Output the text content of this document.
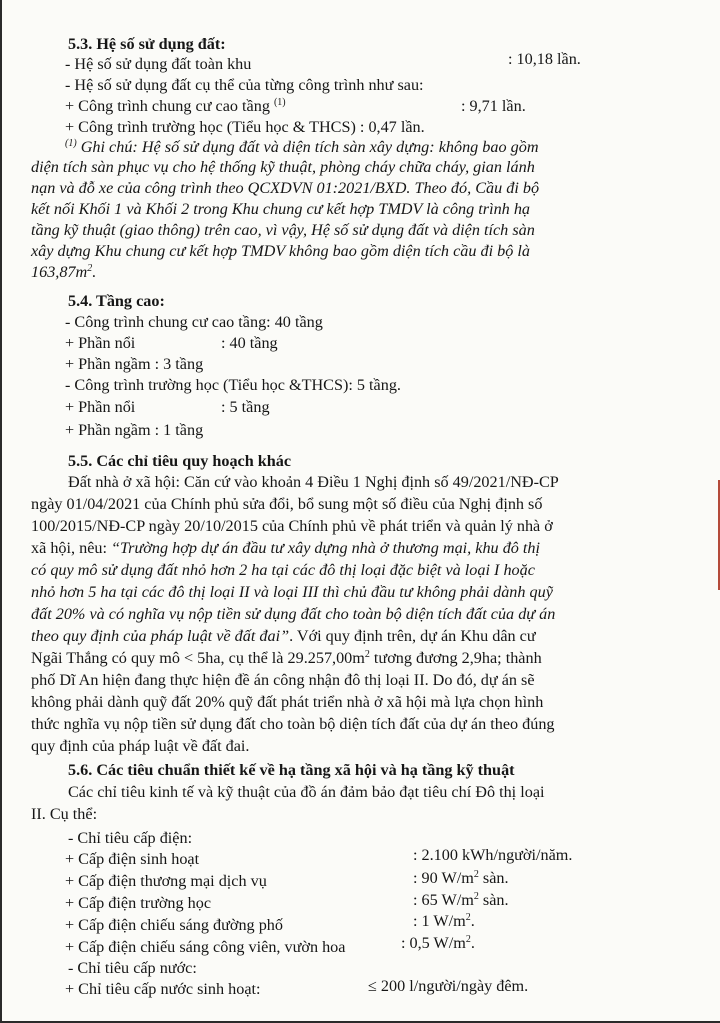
5.3. Hệ số sử dụng đất:
- Hệ số sử dụng đất toàn khu	: 10,18 lần.
- Hệ số sử dụng đất cụ thể của từng công trình như sau:
+ Công trình chung cư cao tầng $^{(1)}$	: 9,71 lần.
+ Công trình trường học (Tiểu học & THCS) : 0,47 lần.
$^{(1)}$ Ghi chú: Hệ số sử dụng đất và diện tích sàn xây dựng: không bao gồm
diện tích sàn phục vụ cho hệ thống kỹ thuật, phòng cháy chữa cháy, gian lánh
nạn và đỗ xe của công trình theo QCXDVN 01:2021/BXD. Theo đó, Cầu đi bộ
kết nối Khối 1 và Khối 2 trong Khu chung cư kết hợp TMDV là công trình hạ
tầng kỹ thuật (giao thông) trên cao, vì vậy, Hệ số sử dụng đất và diện tích sàn
xây dựng Khu chung cư kết hợp TMDV không bao gồm diện tích cầu đi bộ là
$163,87m^2$.
5.4. Tầng cao:
- Công trình chung cư cao tầng: 40 tầng
+ Phần nổi	: 40 tầng
+ Phần ngầm : 3 tầng
- Công trình trường học (Tiểu học &THCS): 5 tầng.
+ Phần nổi	: 5 tầng
+ Phần ngầm : 1 tầng
5.5. Các chỉ tiêu quy hoạch khác
Đất nhà ở xã hội: Căn cứ vào khoản 4 Điều 1 Nghị định số 49/2021/NĐ-CP
ngày 01/04/2021 của Chính phủ sửa đổi, bổ sung một số điều của Nghị định số
100/2015/NĐ-CP ngày 20/10/2015 của Chính phủ về phát triển và quản lý nhà ở
xã hội, nêu: “Trường hợp dự án đầu tư xây dựng nhà ở thương mại, khu đô thị
có quy mô sử dụng đất nhỏ hơn 2 ha tại các đô thị loại đặc biệt và loại I hoặc
nhỏ hơn 5 ha tại các đô thị loại II và loại III thì chủ đầu tư không phải dành quỹ
đất 20% và có nghĩa vụ nộp tiền sử dụng đất cho toàn bộ diện tích đất của dự án
theo quy định của pháp luật về đất đai”. Với quy định trên, dự án Khu dân cư
Ngãi Thắng có quy mô < 5ha, cụ thể là $29.257,00m^2$ tương đương 2,9ha; thành
phố Dĩ An hiện đang thực hiện đề án công nhận đô thị loại II. Do đó, dự án sẽ
không phải dành quỹ đất 20% quỹ đất phát triển nhà ở xã hội mà lựa chọn hình
thức nghĩa vụ nộp tiền sử dụng đất cho toàn bộ diện tích đất của dự án theo đúng
quy định của pháp luật về đất đai.
5.6. Các tiêu chuẩn thiết kế về hạ tầng xã hội và hạ tầng kỹ thuật
Các chỉ tiêu kinh tế và kỹ thuật của đồ án đảm bảo đạt tiêu chí Đô thị loại
II. Cụ thể:
- Chỉ tiêu cấp điện:
+ Cấp điện sinh hoạt	: 2.100 kWh/người/năm.
+ Cấp điện thương mại dịch vụ	: 90 $W/m^2$ sàn.
+ Cấp điện trường học	: 65 $W/m^2$ sàn.
+ Cấp điện chiếu sáng đường phố	: 1 $W/m^2$.
+ Cấp điện chiếu sáng công viên, vườn hoa	: 0,5 $W/m^2$.
- Chỉ tiêu cấp nước:
+ Chỉ tiêu cấp nước sinh hoạt:	≤ 200 l/người/ngày đêm.
